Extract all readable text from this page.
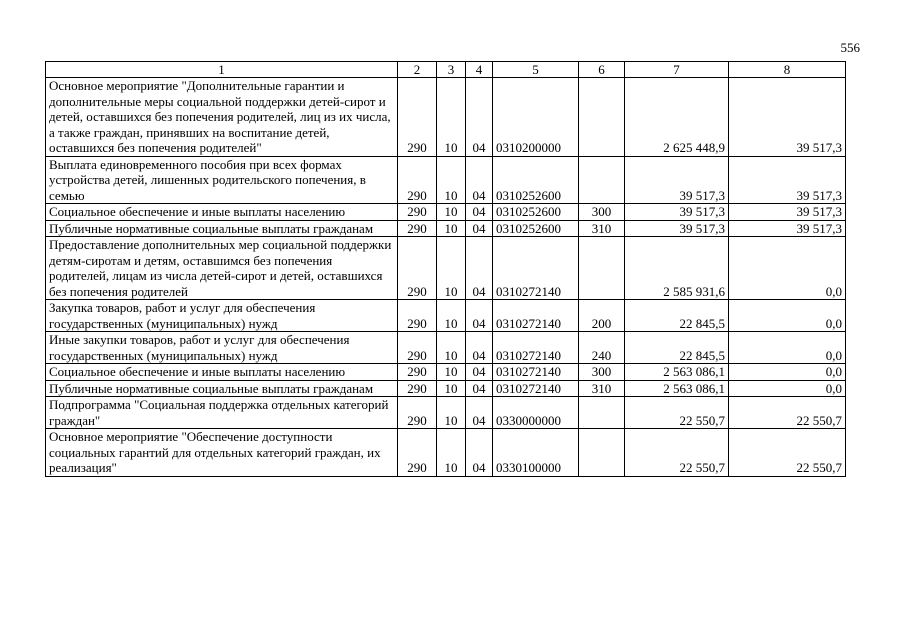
556
1	2	3	4	5	6	7	8
Основное мероприятие "Дополнительные гарантии и дополнительные меры социальной поддержки детей-сирот и детей, оставшихся без попечения родителей, лиц из их числа, а также граждан, принявших на воспитание детей, оставшихся без попечения родителей"	290	10	04	0310200000		2 625 448,9	39 517,3
Выплата единовременного пособия при всех формах устройства детей, лишенных родительского попечения, в семью	290	10	04	0310252600		39 517,3	39 517,3
Социальное обеспечение и иные выплаты населению	290	10	04	0310252600	300	39 517,3	39 517,3
Публичные нормативные социальные выплаты гражданам	290	10	04	0310252600	310	39 517,3	39 517,3
Предоставление дополнительных мер социальной поддержки детям-сиротам и детям, оставшимся без попечения родителей, лицам из числа детей-сирот и детей, оставшихся без попечения родителей	290	10	04	0310272140		2 585 931,6	0,0
Закупка товаров, работ и услуг для обеспечения государственных (муниципальных) нужд	290	10	04	0310272140	200	22 845,5	0,0
Иные закупки товаров, работ и услуг для обеспечения государственных (муниципальных) нужд	290	10	04	0310272140	240	22 845,5	0,0
Социальное обеспечение и иные выплаты населению	290	10	04	0310272140	300	2 563 086,1	0,0
Публичные нормативные социальные выплаты гражданам	290	10	04	0310272140	310	2 563 086,1	0,0
Подпрограмма "Социальная поддержка отдельных категорий граждан"	290	10	04	0330000000		22 550,7	22 550,7
Основное мероприятие "Обеспечение доступности социальных гарантий для отдельных категорий граждан, их реализация"	290	10	04	0330100000		22 550,7	22 550,7
